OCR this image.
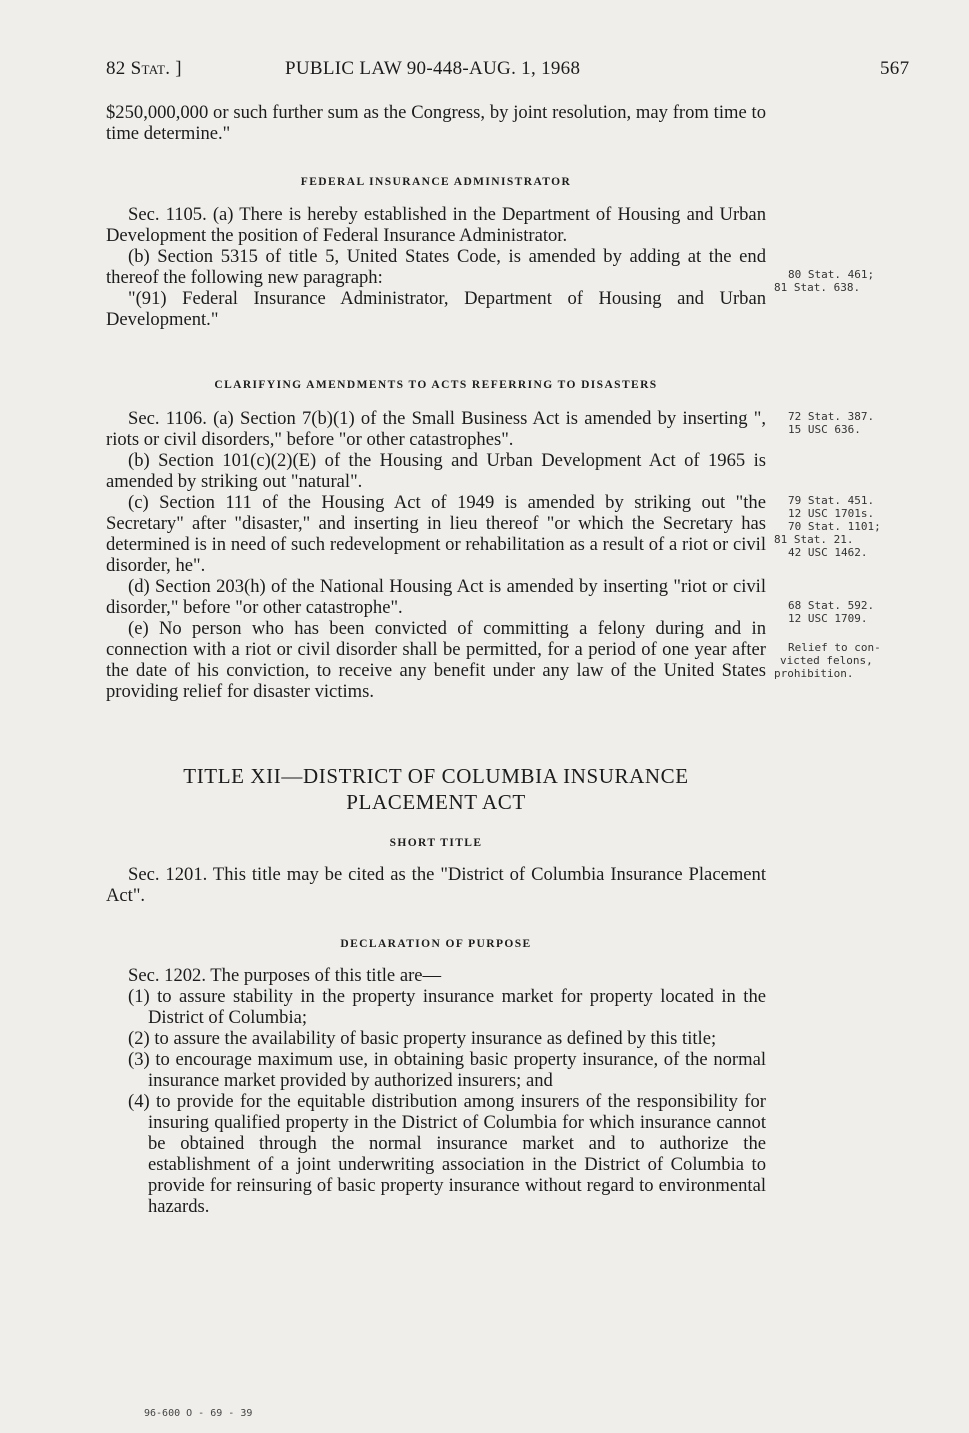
82 Stat. ]	PUBLIC LAW 90-448-AUG. 1, 1968	567

$250,000,000 or such further sum as the Congress, by joint resolution, may from time to time determine."

FEDERAL INSURANCE ADMINISTRATOR

Sec. 1105. (a) There is hereby established in the Department of Housing and Urban Development the position of Federal Insurance Administrator.

(b) Section 5315 of title 5, United States Code, is amended by adding at the end thereof the following new paragraph:

"(91) Federal Insurance Administrator, Department of Housing and Urban Development."

CLARIFYING AMENDMENTS TO ACTS REFERRING TO DISASTERS

Sec. 1106. (a) Section 7(b)(1) of the Small Business Act is amended by inserting ", riots or civil disorders," before "or other catastrophes".

(b) Section 101(c)(2)(E) of the Housing and Urban Development Act of 1965 is amended by striking out "natural".

(c) Section 111 of the Housing Act of 1949 is amended by striking out "the Secretary" after "disaster," and inserting in lieu thereof "or which the Secretary has determined is in need of such redevelopment or rehabilitation as a result of a riot or civil disorder, he".

(d) Section 203(h) of the National Housing Act is amended by inserting "riot or civil disorder," before "or other catastrophe".

(e) No person who has been convicted of committing a felony during and in connection with a riot or civil disorder shall be permitted, for a period of one year after the date of his conviction, to receive any benefit under any law of the United States providing relief for disaster victims.

TITLE XII—DISTRICT OF COLUMBIA INSURANCE
PLACEMENT ACT
SHORT TITLE

Sec. 1201. This title may be cited as the "District of Columbia Insurance Placement Act".

DECLARATION OF PURPOSE

Sec. 1202. The purposes of this title are—

(1) to assure stability in the property insurance market for property located in the District of Columbia;

(2) to assure the availability of basic property insurance as defined by this title;

(3) to encourage maximum use, in obtaining basic property insurance, of the normal insurance market provided by authorized insurers; and

(4) to provide for the equitable distribution among insurers of the responsibility for insuring qualified property in the District of Columbia for which insurance cannot be obtained through the normal insurance market and to authorize the establishment of a joint underwriting association in the District of Columbia to provide for reinsuring of basic property insurance without regard to environmental hazards.

80 Stat. 461;
81 Stat. 638.
72 Stat. 387.
15 USC 636.
79 Stat. 451.
12 USC 1701s.
70 Stat. 1101;
81 Stat. 21.
42 USC 1462.
68 Stat. 592.
12 USC 1709.
Relief to con-
victed felons,
prohibition.
96-600 O - 69 - 39
